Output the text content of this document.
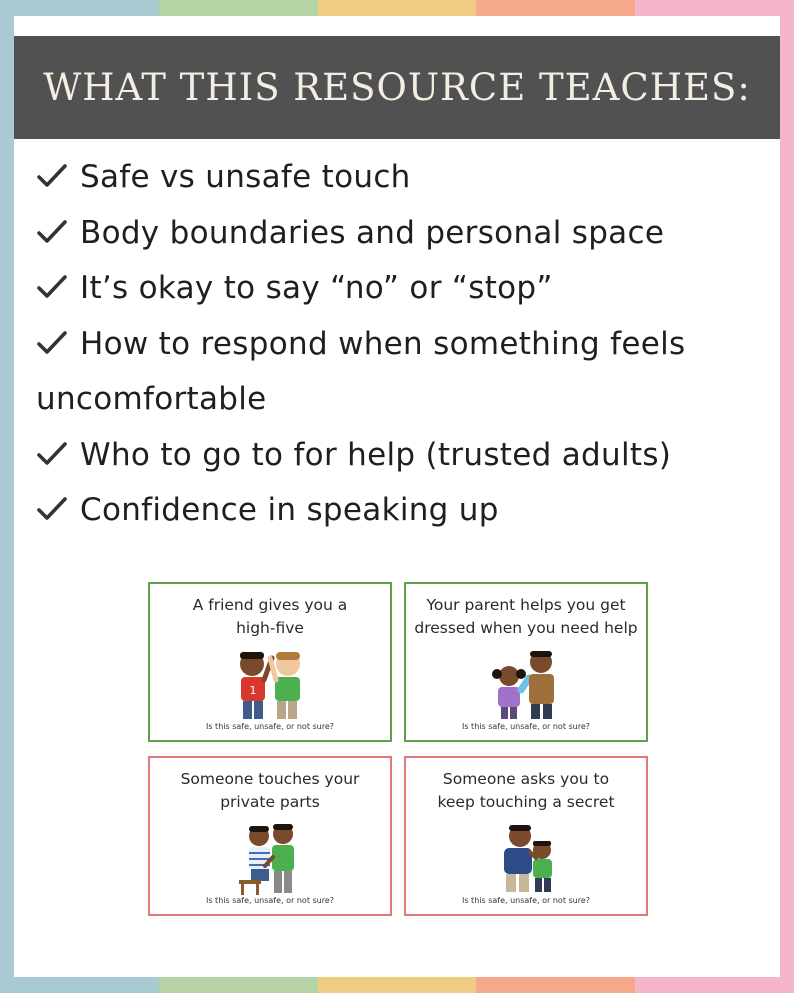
WHAT THIS RESOURCE TEACHES:
Safe vs unsafe touch
Body boundaries and personal space
It’s okay to say “no” or “stop”
How to respond when something feels
uncomfortable
Who to go to for help (trusted adults)
Confidence in speaking up
A friend gives you a
high-five
1
Is this safe, unsafe, or not sure?
Your parent helps you get
dressed when you need help
Is this safe, unsafe, or not sure?
Someone touches your
private parts
Is this safe, unsafe, or not sure?
Someone asks you to
keep touching a secret
Is this safe, unsafe, or not sure?
